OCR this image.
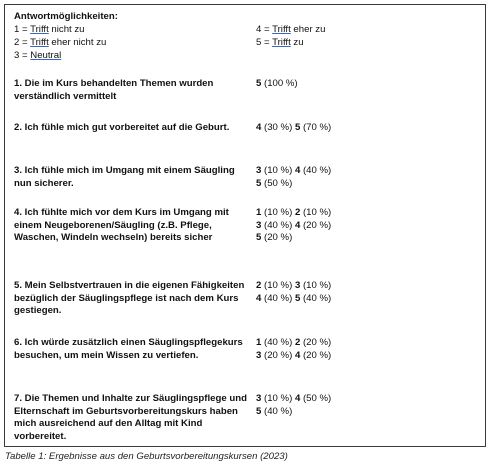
Antwortmöglichkeiten:
1 = Trifft nicht zu
2 = Trifft eher nicht zu
3 = Neutral
4 = Trifft eher zu
5 = Trifft zu
1. Die im Kurs behandelten Themen wurden verständlich vermittelt
5 (100 %)
2. Ich fühle mich gut vorbereitet auf die Geburt.	4 (30 %) 5 (70 %)
3. Ich fühle mich im Umgang mit einem Säugling nun sicherer.
3 (10 %) 4 (40 %)
5 (50 %)
4. Ich fühlte mich vor dem Kurs im Umgang mit einem Neugeborenen/Säugling (z.B. Pflege, Waschen, Windeln wechseln) bereits sicher
1 (10 %) 2 (10 %)
3 (40 %) 4 (20 %)
5 (20 %)
5. Mein Selbstvertrauen in die eigenen Fähigkeiten bezüglich der Säuglingspflege ist nach dem Kurs gestiegen.
2 (10 %) 3 (10 %)
4 (40 %) 5 (40 %)
6. Ich würde zusätzlich einen Säuglingspflegekurs besuchen, um mein Wissen zu vertiefen.
1 (40 %) 2 (20 %)
3 (20 %) 4 (20 %)
7. Die Themen und Inhalte zur Säuglingspflege und Elternschaft im Geburtsvorbereitungskurs haben mich ausreichend auf den Alltag mit Kind vorbereitet.
3 (10 %) 4 (50 %)
5 (40 %)
Tabelle 1: Ergebnisse aus den Geburtsvorbereitungskursen (2023)
